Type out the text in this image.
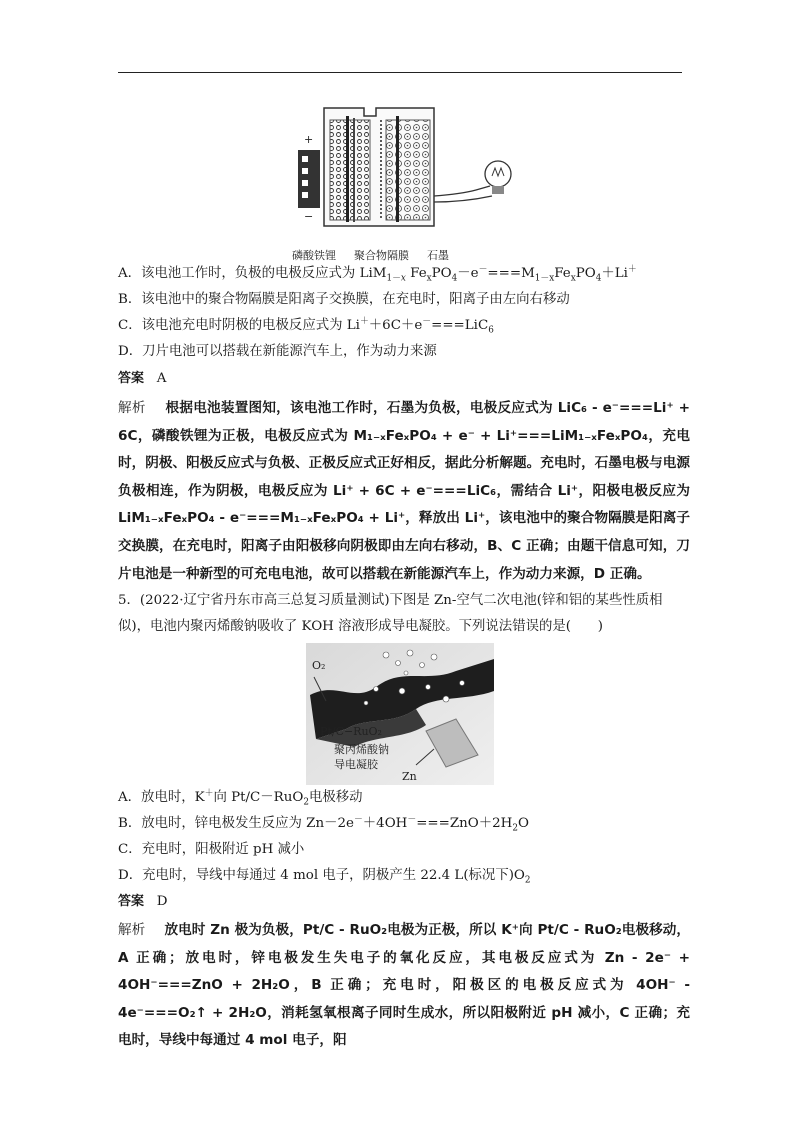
+
−
磷酸铁锂 聚合物隔膜 石墨
A．该电池工作时，负极的电极反应式为 LiM$_{1-x}$ $Fe_xPO_4-e^-===M_{1-x}Fe_xPO_4+Li^+$
B．该电池中的聚合物隔膜是阳离子交换膜，在充电时，阳离子由左向右移动
C．该电池充电时阴极的电极反应式为 Li＋＋6C＋e－===LiC$_6$
D．刀片电池可以搭载在新能源汽车上，作为动力来源
答案 A
解析 根据电池装置图知，该电池工作时，石墨为负极，电极反应式为 LiC₆ - e⁻===Li⁺ + 6C，磷酸铁锂为正极，电极反应式为 M₁₋ₓFeₓPO₄ + e⁻ + Li⁺===LiM₁₋ₓFeₓPO₄，充电时，阴极、阳极反应式与负极、正极反应式正好相反，据此分析解题。充电时，石墨电极与电源负极相连，作为阴极，电极反应为 Li⁺ + 6C + e⁻===LiC₆，需结合 Li⁺，阳极电极反应为 LiM₁₋ₓFeₓPO₄ - e⁻===M₁₋ₓFeₓPO₄ + Li⁺，释放出 Li⁺，该电池中的聚合物隔膜是阳离子交换膜，在充电时，阳离子由阳极移向阴极即由左向右移动，B、C 正确；由题干信息可知，刀片电池是一种新型的可充电电池，故可以搭载在新能源汽车上，作为动力来源，D 正确。
5．(2022·辽宁省丹东市高三总复习质量测试)下图是 Zn-空气二次电池(锌和铝的某些性质相
似)，电池内聚丙烯酸钠吸收了 KOH 溶液形成导电凝胶。下列说法错误的是(　　)
O₂
Pt/C−RuO₂
聚丙烯酸钠
导电凝胶
Zn
A．放电时，K＋向 Pt/C－RuO$_2$电极移动
B．放电时，锌电极发生反应为 $Zn-2e^-+4OH^-===ZnO+2H_2O$
C．充电时，阳极附近 pH 减小
D．充电时，导线中每通过 4 mol 电子，阴极产生 22.4 L(标况下)$O_2$
答案 D
解析 放电时 Zn 极为负极，Pt/C - RuO₂电极为正极，所以 K⁺向 Pt/C - RuO₂电极移动，A 正确；放电时，锌电极发生失电子的氧化反应，其电极反应式为 Zn - 2e⁻ + 4OH⁻===ZnO + 2H₂O，B 正确；充电时，阳极区的电极反应式为 4OH⁻ - 4e⁻===O₂↑ + 2H₂O，消耗氢氧根离子同时生成水，所以阳极附近 pH 减小，C 正确；充电时，导线中每通过 4 mol 电子，阳
